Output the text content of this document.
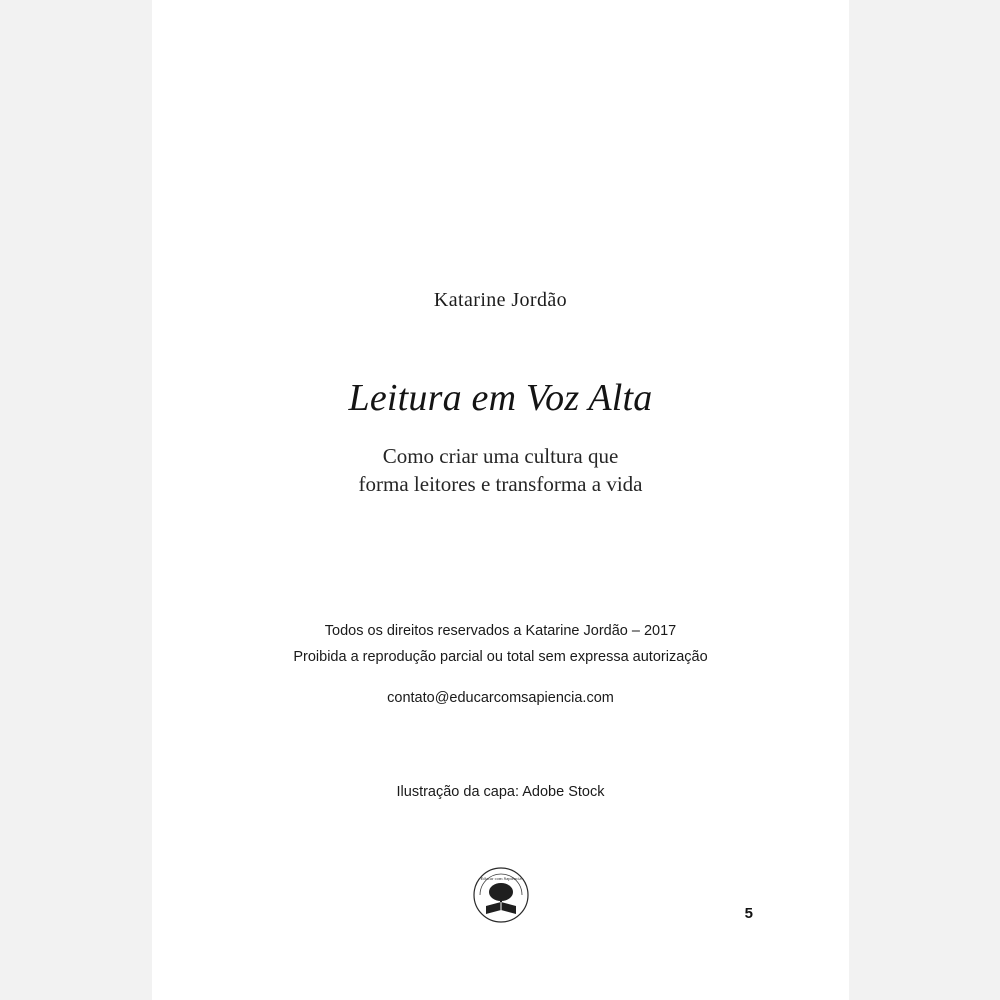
Katarine Jordão
Leitura em Voz Alta
Como criar uma cultura que
forma leitores e transforma a vida
Todos os direitos reservados a Katarine Jordão – 2017
Proibida a reprodução parcial ou total sem expressa autorização
contato@educarcomsapiencia.com
Ilustração da capa: Adobe Stock
Educar com Sapiência
5
